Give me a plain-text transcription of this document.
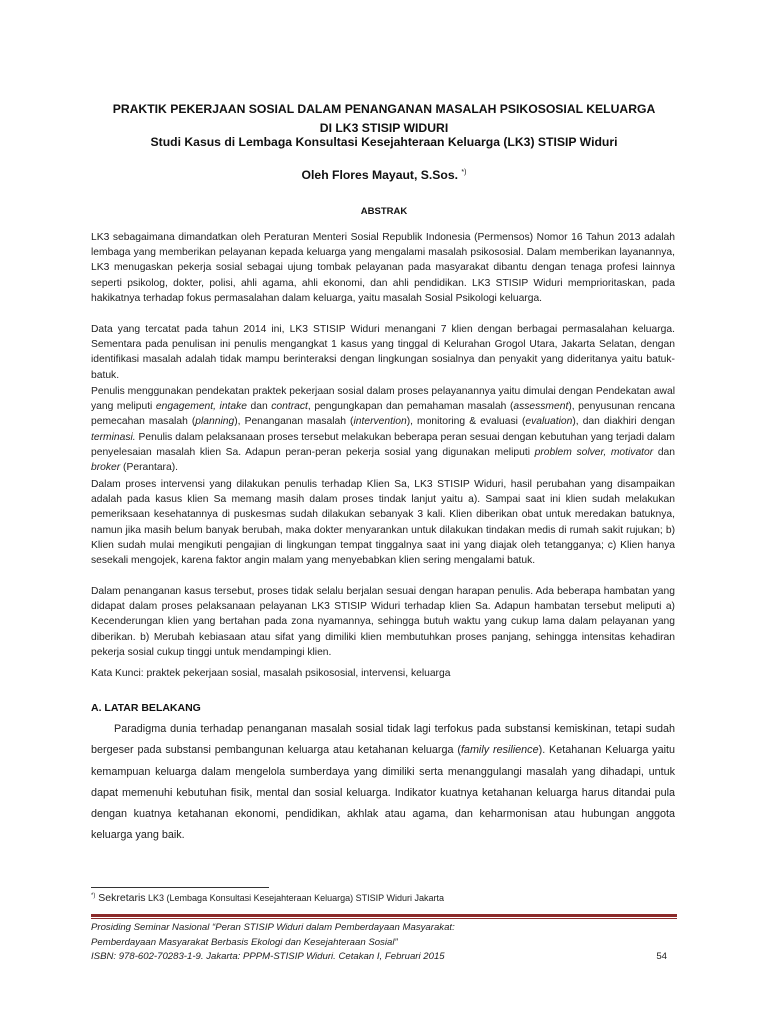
PRAKTIK PEKERJAAN SOSIAL DALAM PENANGANAN MASALAH PSIKOSOSIAL KELUARGA
DI LK3 STISIP WIDURI
Studi Kasus di Lembaga Konsultasi Kesejahteraan Keluarga (LK3) STISIP Widuri
Oleh Flores Mayaut, S.Sos. *)
ABSTRAK

LK3 sebagaimana dimandatkan oleh Peraturan Menteri Sosial Republik Indonesia (Permensos) Nomor 16 Tahun 2013 adalah lembaga yang memberikan pelayanan kepada keluarga yang mengalami masalah psikososial. Dalam memberikan layanannya, LK3 menugaskan pekerja sosial sebagai ujung tombak pelayanan pada masyarakat dibantu dengan tenaga profesi lainnya seperti psikolog, dokter, polisi, ahli agama, ahli ekonomi, dan ahli pendidikan. LK3 STISIP Widuri memprioritaskan, pada hakikatnya terhadap fokus permasalahan dalam keluarga, yaitu masalah Sosial Psikologi keluarga.

Data yang tercatat pada tahun 2014 ini, LK3 STISIP Widuri menangani 7 klien dengan berbagai permasalahan keluarga. Sementara pada penulisan ini penulis mengangkat 1 kasus yang tinggal di Kelurahan Grogol Utara, Jakarta Selatan, dengan identifikasi masalah adalah tidak mampu berinteraksi dengan lingkungan sosialnya dan penyakit yang dideritanya yaitu batuk-batuk.

Penulis menggunakan pendekatan praktek pekerjaan sosial dalam proses pelayanannya yaitu dimulai dengan Pendekatan awal yang meliputi engagement, intake dan contract, pengungkapan dan pemahaman masalah (assessment), penyusunan rencana pemecahan masalah (planning), Penanganan masalah (intervention), monitoring & evaluasi (evaluation), dan diakhiri dengan terminasi. Penulis dalam pelaksanaan proses tersebut melakukan beberapa peran sesuai dengan kebutuhan yang terjadi dalam penyelesaian masalah klien Sa. Adapun peran-peran pekerja sosial yang digunakan meliputi problem solver, motivator dan broker (Perantara).

Dalam proses intervensi yang dilakukan penulis terhadap Klien Sa, LK3 STISIP Widuri, hasil perubahan yang disampaikan adalah pada kasus klien Sa memang masih dalam proses tindak lanjut yaitu a). Sampai saat ini klien sudah melakukan pemeriksaan kesehatannya di puskesmas sudah dilakukan sebanyak 3 kali. Klien diberikan obat untuk meredakan batuknya, namun jika masih belum banyak berubah, maka dokter menyarankan untuk dilakukan tindakan medis di rumah sakit rujukan; b) Klien sudah mulai mengikuti pengajian di lingkungan tempat tinggalnya saat ini yang diajak oleh tetangganya; c) Klien hanya sesekali mengojek, karena faktor angin malam yang menyebabkan klien sering mengalami batuk.

Dalam penanganan kasus tersebut, proses tidak selalu berjalan sesuai dengan harapan penulis. Ada beberapa hambatan yang didapat dalam proses pelaksanaan pelayanan LK3 STISIP Widuri terhadap klien Sa. Adapun hambatan tersebut meliputi a) Kecenderungan klien yang bertahan pada zona nyamannya, sehingga butuh waktu yang cukup lama dalam pelayanan yang diberikan. b) Merubah kebiasaan atau sifat yang dimiliki klien membutuhkan proses panjang, sehingga intensitas kehadiran pekerja sosial cukup tinggi untuk mendampingi klien.

Kata Kunci: praktek pekerjaan sosial, masalah psikososial, intervensi, keluarga
A. LATAR BELAKANG

Paradigma dunia terhadap penanganan masalah sosial tidak lagi terfokus pada substansi kemiskinan, tetapi sudah bergeser pada substansi pembangunan keluarga atau ketahanan keluarga (family resilience). Ketahanan Keluarga yaitu kemampuan keluarga dalam mengelola sumberdaya yang dimiliki serta menanggulangi masalah yang dihadapi, untuk dapat memenuhi kebutuhan fisik, mental dan sosial keluarga. Indikator kuatnya ketahanan keluarga harus ditandai pula dengan kuatnya ketahanan ekonomi, pendidikan, akhlak atau agama, dan keharmonisan atau hubungan anggota keluarga yang baik.

*) Sekretaris LK3 (Lembaga Konsultasi Kesejahteraan Keluarga) STISIP Widuri Jakarta
Prosiding Seminar Nasional “Peran STISIP Widuri dalam Pemberdayaan Masyarakat:
Pemberdayaan Masyarakat Berbasis Ekologi dan Kesejahteraan Sosial”
ISBN: 978-602-70283-1-9. Jakarta: PPPM-STISIP Widuri. Cetakan I, Februari 2015	54
